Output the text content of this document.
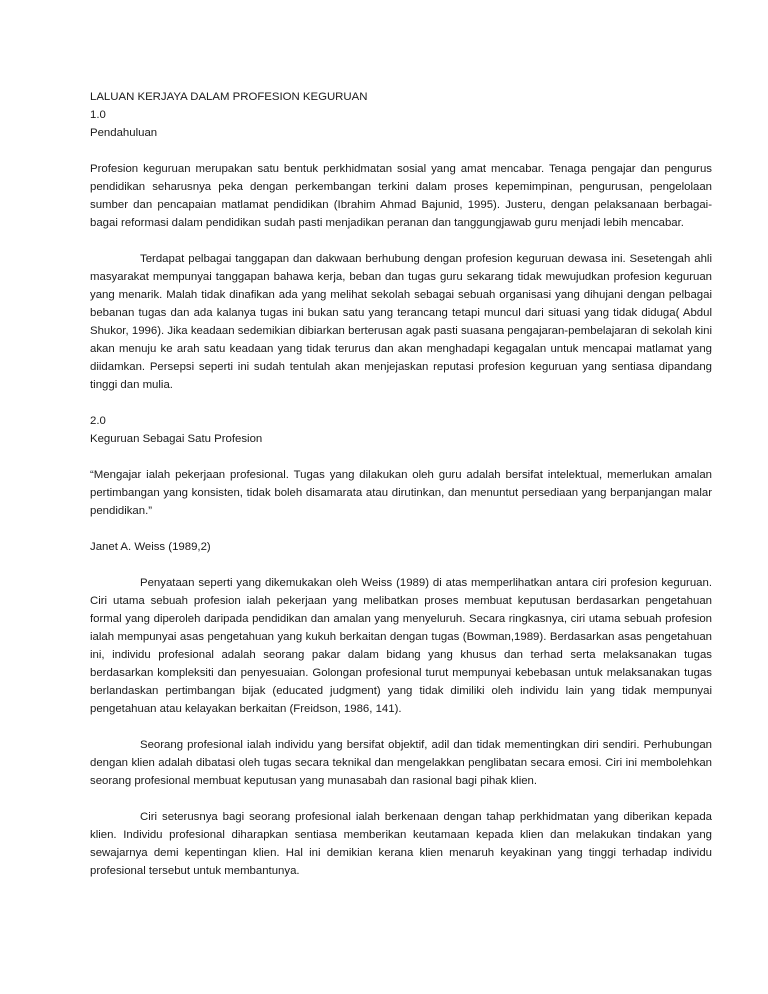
LALUAN KERJAYA DALAM PROFESION KEGURUAN

1.0

Pendahuluan

Profesion keguruan merupakan satu bentuk perkhidmatan sosial yang amat mencabar. Tenaga pengajar dan pengurus pendidikan seharusnya peka dengan perkembangan terkini dalam proses kepemimpinan, pengurusan, pengelolaan sumber dan pencapaian matlamat pendidikan (Ibrahim Ahmad Bajunid, 1995). Justeru, dengan pelaksanaan berbagai-bagai reformasi dalam pendidikan sudah pasti menjadikan peranan dan tanggungjawab guru menjadi lebih mencabar.

Terdapat pelbagai tanggapan dan dakwaan berhubung dengan profesion keguruan dewasa ini. Sesetengah ahli masyarakat mempunyai tanggapan bahawa kerja, beban dan tugas guru sekarang tidak mewujudkan profesion keguruan yang menarik. Malah tidak dinafikan ada yang melihat sekolah sebagai sebuah organisasi yang dihujani dengan pelbagai bebanan tugas dan ada kalanya tugas ini bukan satu yang terancang tetapi muncul dari situasi yang tidak diduga( Abdul Shukor, 1996). Jika keadaan sedemikian dibiarkan berterusan agak pasti suasana pengajaran-pembelajaran di sekolah kini akan menuju ke arah satu keadaan yang tidak terurus dan akan menghadapi kegagalan untuk mencapai matlamat yang diidamkan. Persepsi seperti ini sudah tentulah akan menjejaskan reputasi profesion keguruan yang sentiasa dipandang tinggi dan mulia.

2.0

Keguruan Sebagai Satu Profesion

“Mengajar ialah pekerjaan profesional. Tugas yang dilakukan oleh guru adalah bersifat intelektual, memerlukan amalan pertimbangan yang konsisten, tidak boleh disamarata atau dirutinkan, dan menuntut persediaan yang berpanjangan malar pendidikan.”

Janet A. Weiss (1989,2)

Penyataan seperti yang dikemukakan oleh Weiss (1989) di atas memperlihatkan antara ciri profesion keguruan. Ciri utama sebuah profesion ialah pekerjaan yang melibatkan proses membuat keputusan berdasarkan pengetahuan formal yang diperoleh daripada pendidikan dan amalan yang menyeluruh. Secara ringkasnya, ciri utama sebuah profesion ialah mempunyai asas pengetahuan yang kukuh berkaitan dengan tugas (Bowman,1989). Berdasarkan asas pengetahuan ini, individu profesional adalah seorang pakar dalam bidang yang khusus dan terhad serta melaksanakan tugas berdasarkan kompleksiti dan penyesuaian. Golongan profesional turut mempunyai kebebasan untuk melaksanakan tugas berlandaskan pertimbangan bijak (educated judgment) yang tidak dimiliki oleh individu lain yang tidak mempunyai pengetahuan atau kelayakan berkaitan (Freidson, 1986, 141).

Seorang profesional ialah individu yang bersifat objektif, adil dan tidak mementingkan diri sendiri. Perhubungan dengan klien adalah dibatasi oleh tugas secara teknikal dan mengelakkan penglibatan secara emosi. Ciri ini membolehkan seorang profesional membuat keputusan yang munasabah dan rasional bagi pihak klien.

Ciri seterusnya bagi seorang profesional ialah berkenaan dengan tahap perkhidmatan yang diberikan kepada klien. Individu profesional diharapkan sentiasa memberikan keutamaan kepada klien dan melakukan tindakan yang sewajarnya demi kepentingan klien. Hal ini demikian kerana klien menaruh keyakinan yang tinggi terhadap individu profesional tersebut untuk membantunya.
